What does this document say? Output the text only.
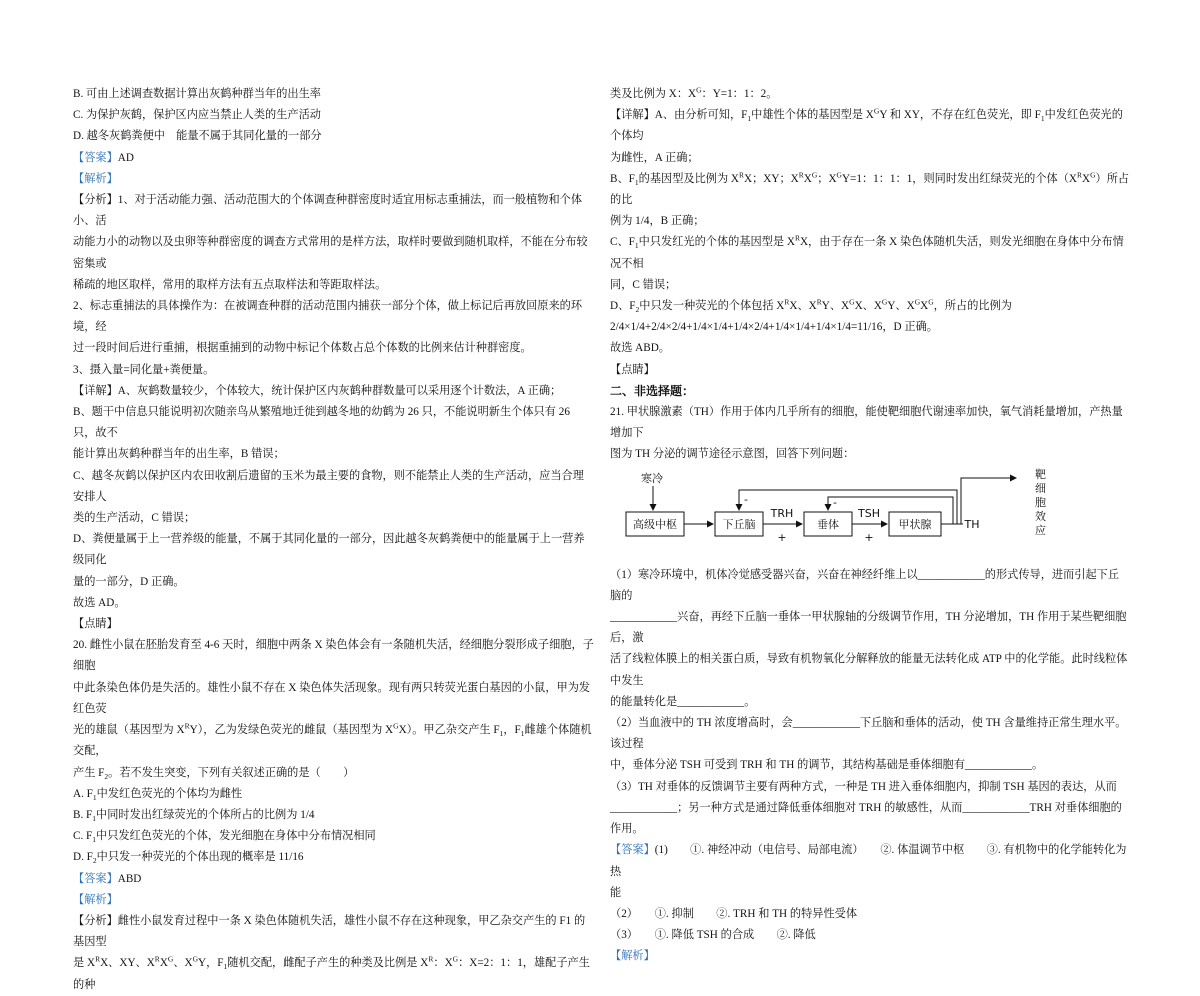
B. 可由上述调查数据计算出灰鹤种群当年的出生率

C. 为保护灰鹤，保护区内应当禁止人类的生产活动

D. 越冬灰鹤粪便中　能量不属于其同化量的一部分

【答案】AD

【解析】

【分析】1、对于活动能力强、活动范围大的个体调查种群密度时适宜用标志重捕法，而一般植物和个体小、活

动能力小的动物以及虫卵等种群密度的调查方式常用的是样方法，取样时要做到随机取样，不能在分布较密集或

稀疏的地区取样，常用的取样方法有五点取样法和等距取样法。

2、标志重捕法的具体操作为：在被调查种群的活动范围内捕获一部分个体，做上标记后再放回原来的环境，经

过一段时间后进行重捕，根据重捕到的动物中标记个体数占总个体数的比例来估计种群密度。

3、摄入量=同化量+粪便量。

【详解】A、灰鹤数量较少，个体较大，统计保护区内灰鹤种群数量可以采用逐个计数法，A 正确；

B、题干中信息只能说明初次随亲鸟从繁殖地迁徙到越冬地的幼鹤为 26 只，不能说明新生个体只有 26 只，故不

能计算出灰鹤种群当年的出生率，B 错误；

C、越冬灰鹤以保护区内农田收割后遗留的玉米为最主要的食物，则不能禁止人类的生产活动，应当合理安排人

类的生产活动，C 错误；

D、粪便量属于上一营养级的能量，不属于其同化量的一部分，因此越冬灰鹤粪便中的能量属于上一营养级同化

量的一部分，D 正确。

故选 AD。

【点睛】

20. 雌性小鼠在胚胎发育至 4-6 天时，细胞中两条 X 染色体会有一条随机失活，经细胞分裂形成子细胞，子细胞

中此条染色体仍是失活的。雄性小鼠不存在 X 染色体失活现象。现有两只转荧光蛋白基因的小鼠，甲为发红色荧

光的雄鼠（基因型为 $X^RY$），乙为发绿色荧光的雌鼠（基因型为 $X^GX$）。甲乙杂交产生 $F_1$，$F_1$雌雄个体随机交配，

产生 $F_2$。若不发生突变，下列有关叙述正确的是（　　）

A. $F_1$中发红色荧光的个体均为雌性

B. $F_1$中同时发出红绿荧光的个体所占的比例为 1/4

C. $F_1$中只发红色荧光的个体，发光细胞在身体中分布情况相同

D. $F_2$中只发一种荧光的个体出现的概率是 11/16

【答案】ABD

【解析】

【分析】雌性小鼠发育过程中一条 X 染色体随机失活，雄性小鼠不存在这种现象，甲乙杂交产生的 F1 的基因型

是 $X^RX$、XY、$X^RX^G$、$X^GY$，$F_1$随机交配，雌配子产生的种类及比例是 $X^R$：$X^G$：X=2：1：1，雄配子产生的种

类及比例为 X：$X^G$：Y=1：1：2。

【详解】A、由分析可知，$F_1$中雄性个体的基因型是 $X^GY$ 和 XY，不存在红色荧光，即 $F_1$中发红色荧光的个体均

为雌性，A 正确；

B、$F_1$的基因型及比例为 $X^RX$；XY；$X^RX^G$；$X^GY=1$：1：1：1，则同时发出红绿荧光的个体$(X^RX^G)$所占的比

例为 1/4，B 正确；

C、$F_1$中只发红光的个体的基因型是 $X^RX$，由于存在一条 X 染色体随机失活，则发光细胞在身体中分布情况不相

同，C 错误；

D、$F_2$中只发一种荧光的个体包括 $X^RX$、$X^RY$、$X^GX$、$X^GY$、$X^GX^G$，所占的比例为

2/4×1/4+2/4×2/4+1/4×1/4+1/4×2/4+1/4×1/4+1/4×1/4=11/16，D 正确。

故选 ABD。

【点睛】

二、非选择题：

21. 甲状腺激素（TH）作用于体内几乎所有的细胞，能使靶细胞代谢速率加快，氧气消耗量增加，产热量增加下

图为 TH 分泌的调节途径示意图，回答下列问题：

寒冷
高级中枢	下丘脑
TRH
+
垂体
TSH
+
甲状腺	TH
-	-
靶细胞效应

（1）寒冷环境中，机体冷觉感受器兴奋，兴奋在神经纤维上以____________的形式传导，进而引起下丘脑的

____________兴奋，再经下丘脑一垂体一甲状腺轴的分级调节作用，TH 分泌增加，TH 作用于某些靶细胞后，激

活了线粒体膜上的相关蛋白质，导致有机物氧化分解释放的能量无法转化成 ATP 中的化学能。此时线粒体中发生

的能量转化是____________。

（2）当血液中的 TH 浓度增高时，会____________下丘脑和垂体的活动，使 TH 含量维持正常生理水平。该过程

中，垂体分泌 TSH 可受到 TRH 和 TH 的调节，其结构基础是垂体细胞有____________。

（3）TH 对垂体的反馈调节主要有两种方式，一种是 TH 进入垂体细胞内，抑制 TSH 基因的表达，从而

____________；另一种方式是通过降低垂体细胞对 TRH 的敏感性，从而____________TRH 对垂体细胞的作用。

【答案】(1)　　①. 神经冲动（电信号、局部电流）　　②. 体温调节中枢　　③. 有机物中的化学能转化为热

能

（2）　　①. 抑制　　②. TRH 和 TH 的特异性受体

（3）　　①. 降低 TSH 的合成　　②. 降低

【解析】
